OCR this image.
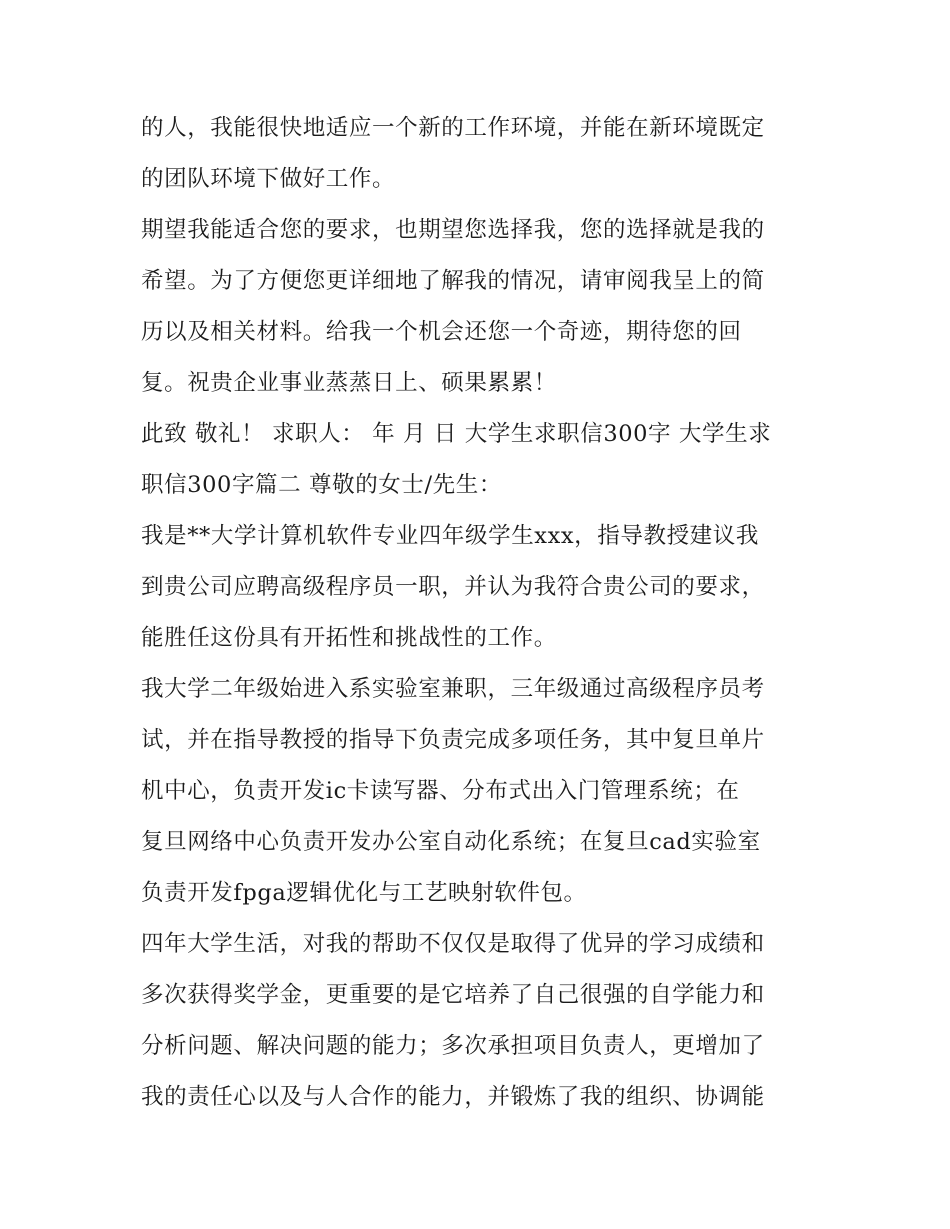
的人，我能很快地适应一个新的工作环境，并能在新环境既定
的团队环境下做好工作。
期望我能适合您的要求，也期望您选择我，您的选择就是我的
希望。为了方便您更详细地了解我的情况，请审阅我呈上的简
历以及相关材料。给我一个机会还您一个奇迹，期待您的回
复。祝贵企业事业蒸蒸日上、硕果累累！
此致 敬礼！ 求职人： 年 月 日 大学生求职信300字 大学生求
职信300字篇二 尊敬的女士/先生：
我是**大学计算机软件专业四年级学生xxx，指导教授建议我
到贵公司应聘高级程序员一职，并认为我符合贵公司的要求，
能胜任这份具有开拓性和挑战性的工作。
我大学二年级始进入系实验室兼职，三年级通过高级程序员考
试，并在指导教授的指导下负责完成多项任务，其中复旦单片
机中心，负责开发ic卡读写器、分布式出入门管理系统；在
复旦网络中心负责开发办公室自动化系统；在复旦cad实验室
负责开发fpga逻辑优化与工艺映射软件包。
四年大学生活，对我的帮助不仅仅是取得了优异的学习成绩和
多次获得奖学金，更重要的是它培养了自己很强的自学能力和
分析问题、解决问题的能力；多次承担项目负责人，更增加了
我的责任心以及与人合作的能力，并锻炼了我的组织、协调能
